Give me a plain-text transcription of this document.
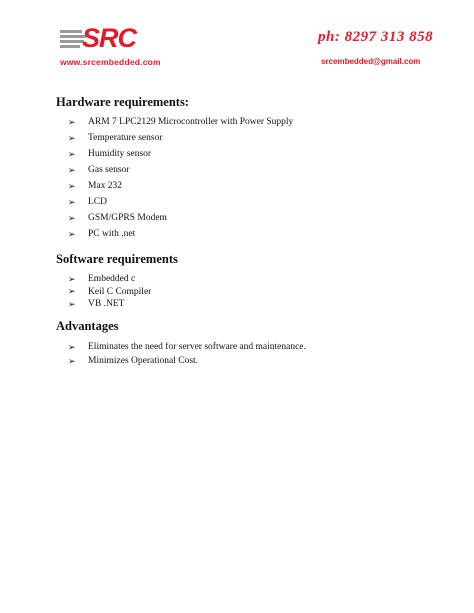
SRC
www.srcembedded.com
ph: 8297 313 858
srcembedded@gmail.com
Hardware requirements:
➢	ARM 7 LPC2129 Microcontroller with Power Supply
➢	Temperature sensor
➢	Humidity sensor
➢	Gas sensor
➢	Max 232
➢	LCD
➢	GSM/GPRS Modem
➢	PC with .net
Software requirements
➢	Embedded c
➢	Keil C Compiler
➢	VB .NET
Advantages
➢	Eliminates the need for server software and maintenance.
➢	Minimizes Operational Cost.
